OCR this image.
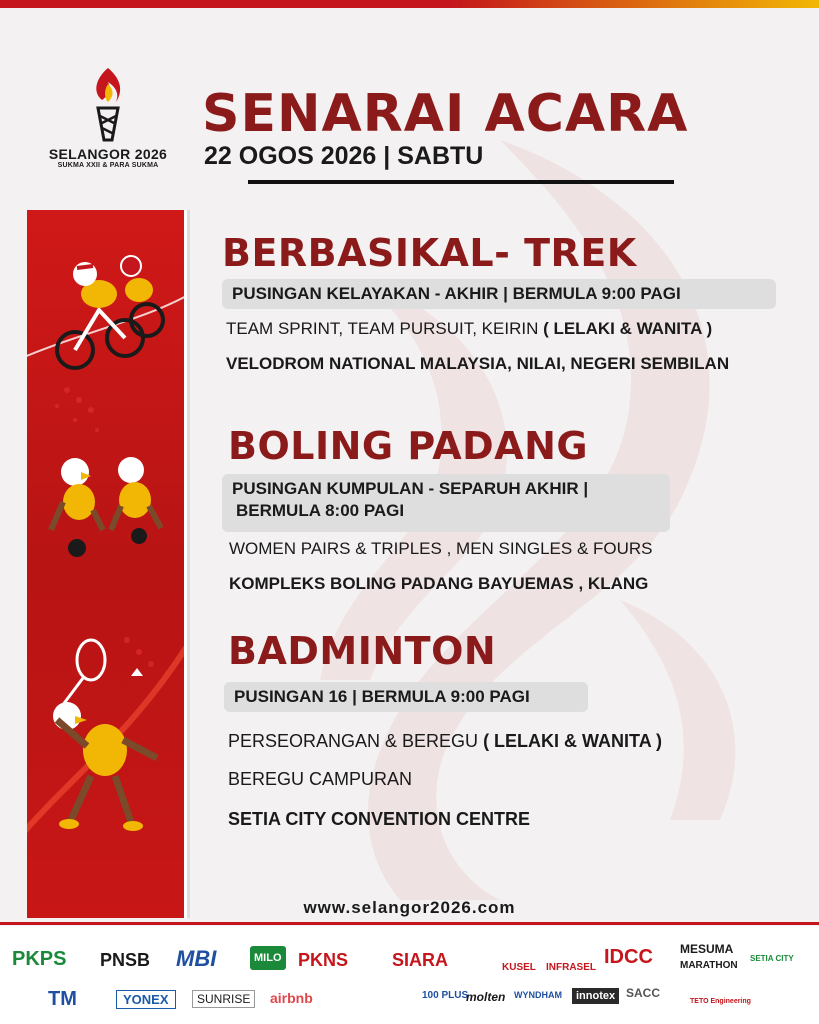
SELANGOR 2026
SUKMA XXII & PARA SUKMA
SENARAI ACARA
22 OGOS 2026 | SABTU
BERBASIKAL- TREK
PUSINGAN KELAYAKAN - AKHIR | BERMULA 9:00 PAGI
TEAM SPRINT, TEAM PURSUIT, KEIRIN ( LELAKI & WANITA )
VELODROM NATIONAL MALAYSIA, NILAI, NEGERI SEMBILAN
BOLING PADANG
PUSINGAN KUMPULAN - SEPARUH AKHIR |
BERMULA 8:00 PAGI
WOMEN PAIRS & TRIPLES , MEN SINGLES & FOURS
KOMPLEKS BOLING PADANG BAYUEMAS , KLANG
BADMINTON
PUSINGAN 16 | BERMULA 9:00 PAGI
PERSEORANGAN & BEREGU ( LELAKI & WANITA )
BEREGU CAMPURAN
SETIA CITY CONVENTION CENTRE
www.selangor2026.com
PKPS PNSB MBI	MILO PKNS SIARA	KUSEL INFRASEL IDCC MESUMA
MARATHON
SETIA CITY
TM	YONEX	SUNRISE	airbnb	100 PLUS
molten WYNDHAM	innotex SACC
TETO Engineering
